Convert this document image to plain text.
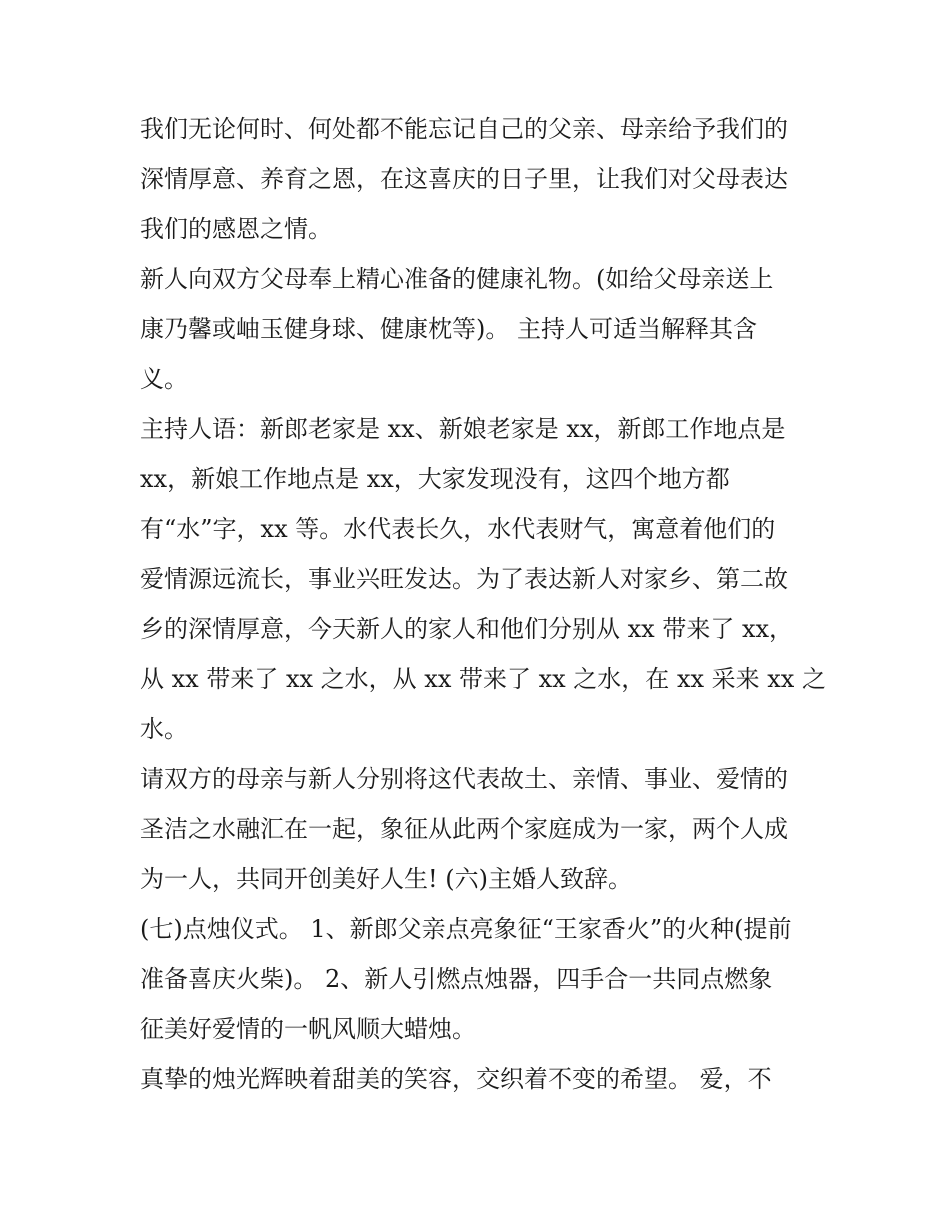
我们无论何时、何处都不能忘记自己的父亲、母亲给予我们的
深情厚意、养育之恩，在这喜庆的日子里，让我们对父母表达
我们的感恩之情。
新人向双方父母奉上精心准备的健康礼物。(如给父母亲送上
康乃馨或岫玉健身球、健康枕等)。 主持人可适当解释其含
义。
主持人语：新郎老家是 xx、新娘老家是 xx，新郎工作地点是
xx，新娘工作地点是 xx，大家发现没有，这四个地方都
有“水”字，xx 等。水代表长久，水代表财气，寓意着他们的
爱情源远流长，事业兴旺发达。为了表达新人对家乡、第二故
乡的深情厚意，今天新人的家人和他们分别从 xx 带来了 xx，
从 xx 带来了 xx 之水，从 xx 带来了 xx 之水，在 xx 采来 xx 之
水。
请双方的母亲与新人分别将这代表故土、亲情、事业、爱情的
圣洁之水融汇在一起，象征从此两个家庭成为一家，两个人成
为一人，共同开创美好人生! (六)主婚人致辞。
(七)点烛仪式。 1、新郎父亲点亮象征“王家香火”的火种(提前
准备喜庆火柴)。 2、新人引燃点烛器，四手合一共同点燃象
征美好爱情的一帆风顺大蜡烛。
真挚的烛光辉映着甜美的笑容，交织着不变的希望。 爱，不
